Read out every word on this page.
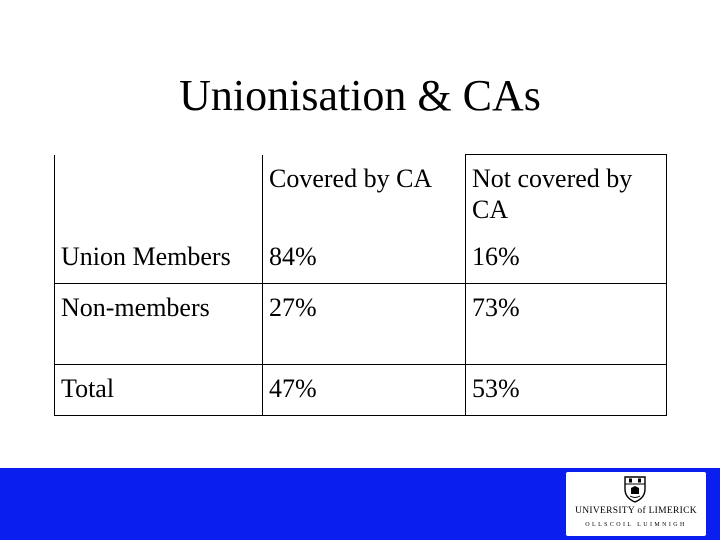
Unionisation & CAs
	Covered by CA	Not covered by CA
Union Members	84%	16%
Non-members	27%	73%
Total	47%	53%
UNIVERSITY of LIMERICK
OLLSCOIL LUIMNIGH
